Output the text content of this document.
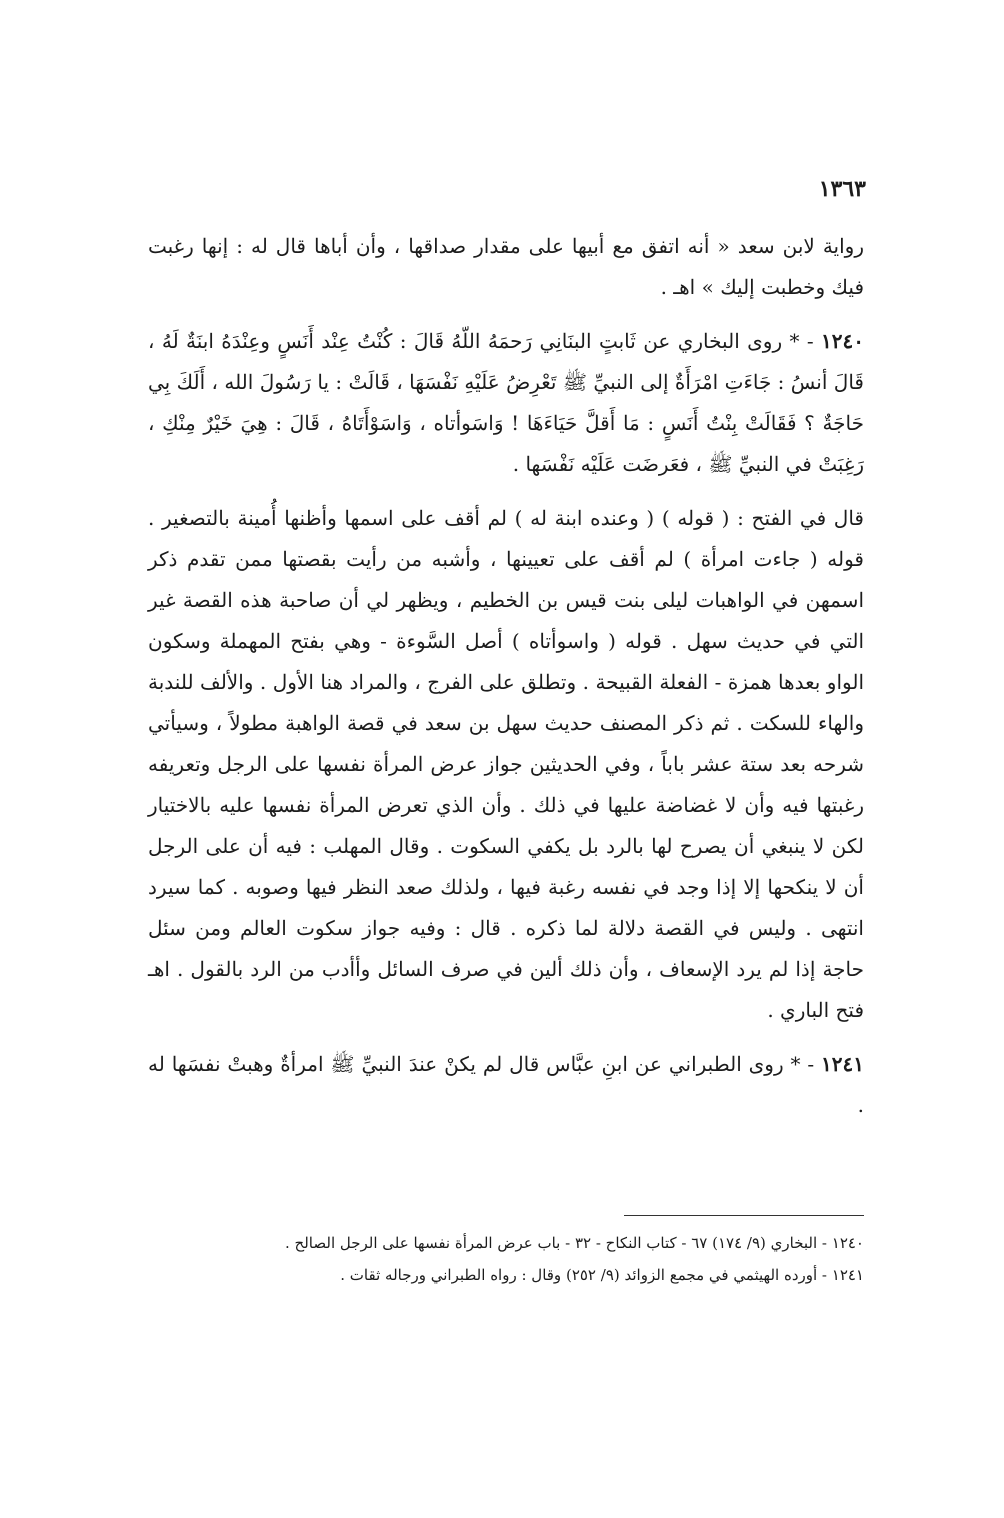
١٣٦٣

رواية لابن سعد « أنه اتفق مع أبيها على مقدار صداقها ، وأن أباها قال له : إنها رغبت فيك وخطبت إليك » اهـ .

١٢٤٠ - * روى البخاري عن ثَابتٍ البنَانِي رَحمَهُ اللّهُ قَالَ : كُنْتُ عِنْد أَنَسٍ وعِنْدَهُ ابنَةٌ لَهُ ، قَالَ أنسُ : جَاءَتِ امْرَأَةٌ إلى النبيِّ ﷺ تَعْرِضُ عَلَيْهِ نَفْسَهَا ، قَالَتْ : يا رَسُولَ الله ، أَلَكَ بِي حَاجَةٌ ؟ فَقَالَتْ بِنْتُ أَنَسٍ : مَا أَقلَّ حَيَاءَهَا ! وَاسَوأتاه ، وَاسَوْأَتَاهُ ، قَالَ : هِيَ خَيْرٌ مِنْكِ ، رَغِبَتْ في النبيِّ ﷺ ، فعَرضَت عَلَيْه نَفْسَها .

قال في الفتح : ( قوله ) ( وعنده ابنة له ) لم أقف على اسمها وأظنها أُمينة بالتصغير . قوله ( جاءت امرأة ) لم أقف على تعيينها ، وأشبه من رأيت بقصتها ممن تقدم ذكر اسمهن في الواهبات ليلى بنت قيس بن الخطيم ، ويظهر لي أن صاحبة هذه القصة غير التي في حديث سهل . قوله ( واسوأتاه ) أصل السَّوءة - وهي بفتح المهملة وسكون الواو بعدها همزة - الفعلة القبيحة . وتطلق على الفرج ، والمراد هنا الأول . والألف للندبة والهاء للسكت . ثم ذكر المصنف حديث سهل بن سعد في قصة الواهبة مطولاً ، وسيأتي شرحه بعد ستة عشر باباً ، وفي الحديثين جواز عرض المرأة نفسها على الرجل وتعريفه رغبتها فيه وأن لا غضاضة عليها في ذلك . وأن الذي تعرض المرأة نفسها عليه بالاختيار لكن لا ينبغي أن يصرح لها بالرد بل يكفي السكوت . وقال المهلب : فيه أن على الرجل أن لا ينكحها إلا إذا وجد في نفسه رغبة فيها ، ولذلك صعد النظر فيها وصوبه . كما سيرد انتهى . وليس في القصة دلالة لما ذكره . قال : وفيه جواز سكوت العالم ومن سئل حاجة إذا لم يرد الإسعاف ، وأن ذلك ألين في صرف السائل وأأدب من الرد بالقول . اهـ فتح الباري .

١٢٤١ - * روى الطبراني عن ابنِ عبَّاس قال لم يكنْ عندَ النبيِّ ﷺ امرأةٌ وهبتْ نفسَها له .

١٢٤٠ - البخاري (٩/ ١٧٤) ٦٧ - كتاب النكاح - ٣٢ - باب عرض المرأة نفسها على الرجل الصالح .

١٢٤١ - أورده الهيثمي في مجمع الزوائد (٩/ ٢٥٢) وقال : رواه الطبراني ورجاله ثقات .
